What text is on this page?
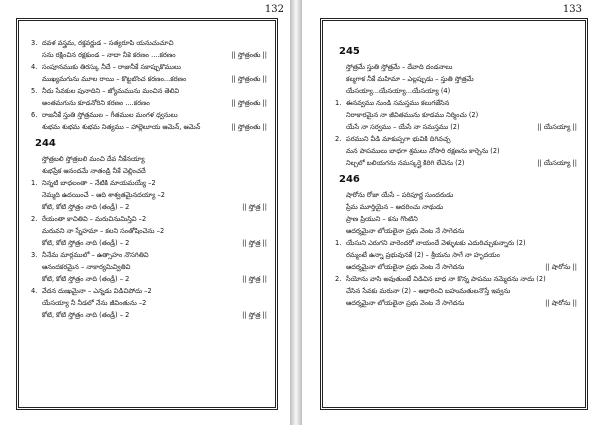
132
3. దవళ వస్త్రమ, రక్తవర్ణుడ – సత్యరూపి యనుచుచూచి
సను రక్షించిన రక్షకుండ – నాదా నీకె కరణం ....కరణం	|| స్తోత్రంతు ||
4. సంపూనముకు తిరస్కు నీదే – రాజునీకే సకాప్పుకొములు
ముఖ్యమగును మూల రాయి – కొట్టబొంచ కరణం...కరణం	|| స్తోత్రంతు ||
5. నీదు సేవకుల పునాదిని – జ్యోమమును మంచిన తెలివి
అంతమగును కూడనోరిని కరణం ....కరణం	|| స్తోత్రంతు ||
6. రాజనీకే స్తుతి స్తోత్రముల – గీతముల మంగళ ధ్వనులు
శుభమ శుభమ శుభమ నిత్యము – హాల్లెలూయ ఆమెన్, ఆమెన్	|| స్తోత్రంతు ||
244
స్తోత్రబలి స్తోత్రబలి మంచి దేవ నీకేనయ్యా
శుభప్రేక ఆనందమే నాతండ్రి నీకే చెల్లించదే
1. నిన్నటి బాధలంతా – నేటికి మాయమయ్యే –2
నెమ్మది ఉదయించే – ఆది శాశ్వతమైనదయ్యా –2
కోటి, కోటి స్తోత్రం నాది (తండ్రీ) – 2	|| స్తోత్ర ||
2. రేయంతా కాచితివి – మరుచినుమిస్తివి –2
మరువని నా స్నేహమా – కలని సంతోషించెను –2
కోటి, కోటి స్తోత్రం నాది (తండ్రీ) – 2	|| స్తోత్ర ||
3. నీనేమ మార్గములో – ఉత్సాహం నొసగితివి
ఆనందకరమైన – నాకార్యమివ్వితివి
కోటి, కోటి స్తోత్రం నాది (తండ్రీ) – 2	|| స్తోత్ర ||
4. వేదన దుఃఖమైనా – ఎన్నడు విడిచిపోదు –2
యేసయ్యా నీ నీడలో నేను జీవింతును –2
కోటి, కోటి స్తోత్రం నాది (తండ్రీ) – 2	|| స్తోత్ర ||
133
245
స్తోత్రమే స్తుతి స్తోత్రమే – దేవాది దండనాలు
కల్మగాక నీకే మహిమా – ఎల్లప్పుడు – స్తుతి స్తోత్రమే
యేసయ్యా...యేసయ్యా...యేసయ్యా (4)
1. ఈనవ్వము నుండి సమస్తము కలుగజేసిన
నిరాకారమైన నా జీవితమును కూడము నిర్మించు (2)
యేసే నా సర్వము – యేసే నా సమస్తము (2)	|| యేసయ్యా ||
2. పరముని వీడి మాకుప్పగా భువికి దిగివచ్చ
మన పాపములు బాధగా శ్రమలు నోసారి రక్షణను కార్చెను (2)
నిల్చలో బలియగను నమస్కర్తై కిరిగి లేచెను (2)	|| యేసయ్యా ||
246
షారోను రోజా యేసే – పరిపూర్ణ సుందరుడు
ప్రేమ మూర్తియైన – ఆదరించు నాథుడు
ప్రాణ ప్రియుని – కను గొంటిని
ఆదర్శమైనా లోయలైనా ప్రభు వెంట నే సాగెదను
1. యేసుని ఎరుగని వారెందరో నాయందే వెళ్ళుటకు ఎదురిచ్చుకున్నారు (2)
రమ్మంటే ఉన్నా ప్రభువునకే (2) – శ్రీయను సాగే నా హృదయం
ఆదర్శమైనా లోయలైనా ప్రభు వెంట నే సాగెదను	|| షారోను ||
2. సీయోను వాసి అవుతుంటే విడిచిన బాధ నా కొన్న పాపము నమ్మెదను నాదు (2)
చేసిన సేవకు మరునా (2) – ఆధారించి బహుమతులనొస్తే ఇవ్వను
ఆదర్శమైనా లోయలైనా ప్రభు వెంట నే సాగెదను	|| షారోను ||
